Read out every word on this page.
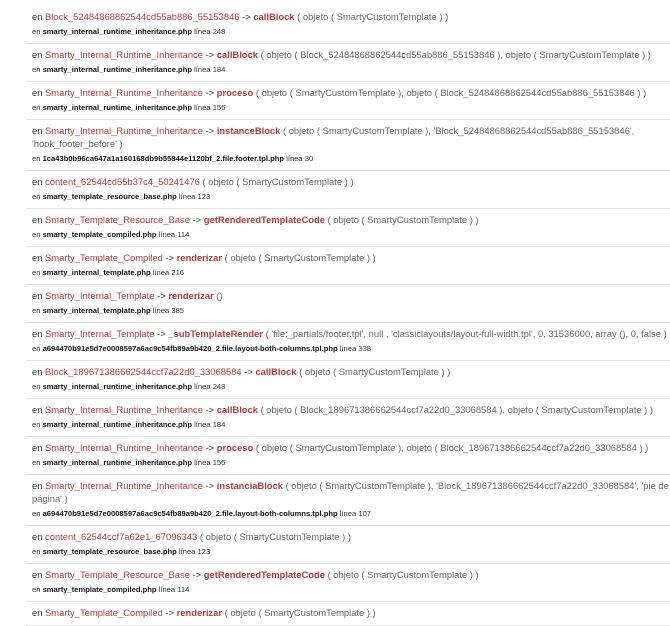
en Block_52484868862544cd55ab886_55153846 -> callBlock ( objeto ( SmartyCustomTemplate ) )
en smarty_internal_runtime_inheritance.php línea 248
en Smarty_Internal_Runtime_Inheritance -> callBlock ( objeto ( Block_52484868862544cd55ab886_55153846 ), objeto ( SmartyCustomTemplate ) )
en smarty_internal_runtime_inheritance.php línea 184
en Smarty_Internal_Runtime_Inheritance -> proceso ( objeto ( SmartyCustomTemplate ), objeto ( Block_52484868862544cd55ab886_55153846 ) )
en smarty_internal_runtime_inheritance.php línea 156
en Smarty_Internal_Runtime_Inheritance -> instanceBlock ( objeto ( SmartyCustomTemplate ), 'Block_52484868862544cd55ab886_55153846', 'hook_footer_before' )
en 1ca43b0b96ca647a1a160168db9b55844e1120bf_2.file.footer.tpl.php línea 30
en content_62544cd55b37c4_50241476 ( objeto ( SmartyCustomTemplate ) )
en smarty_template_resource_base.php línea 123
en Smarty_Template_Resource_Base -> getRenderedTemplateCode ( objeto ( SmartyCustomTemplate ) )
en smarty_template_compiled.php línea 114
en Smarty_Template_Compiled -> renderizar ( objeto ( SmartyCustomTemplate ) )
en smarty_internal_template.php línea 216
en Smarty_Internal_Template -> renderizar ()
en smarty_internal_template.php línea 385
en Smarty_Internal_Template -> _subTemplateRender ( 'file:_partials/footer.tpl', null , 'classiclayouts/layout-full-width.tpl', 0, 31536000, array (), 0, false )
en a694470b91e5d7e0008597a6ac9c54fb89a9b420_2.file.layout-both-columns.tpl.php línea 338
en Block_189671386662544ccf7a22d0_33068584 -> callBlock ( objeto ( SmartyCustomTemplate ) )
en smarty_internal_runtime_inheritance.php línea 248
en Smarty_Internal_Runtime_Inheritance -> callBlock ( objeto ( Block_189671386662544ccf7a22d0_33068584 ), objeto ( SmartyCustomTemplate ) )
en smarty_internal_runtime_inheritance.php línea 184
en Smarty_Internal_Runtime_Inheritance -> proceso ( objeto ( SmartyCustomTemplate ), objeto ( Block_189671386662544ccf7a22d0_33068584 ) )
en smarty_internal_runtime_inheritance.php línea 156
en Smarty_Internal_Runtime_Inheritance -> instanciaBlock ( objeto ( SmartyCustomTemplate ), 'Block_189671386662544ccf7a22d0_33068584', 'pie de página' )
en a694470b91e5d7e0008597a6ac9c54fb89a9b420_2.file.layout-both-columns.tpl.php línea 107
en content_62544ccf7a62e1_67096343 ( objeto ( SmartyCustomTemplate ) )
en smarty_template_resource_base.php línea 123
en Smarty_Template_Resource_Base -> getRenderedTemplateCode ( objeto ( SmartyCustomTemplate ) )
en smarty_template_compiled.php línea 114
en Smarty_Template_Compiled -> renderizar ( objeto ( SmartyCustomTemplate ) )
